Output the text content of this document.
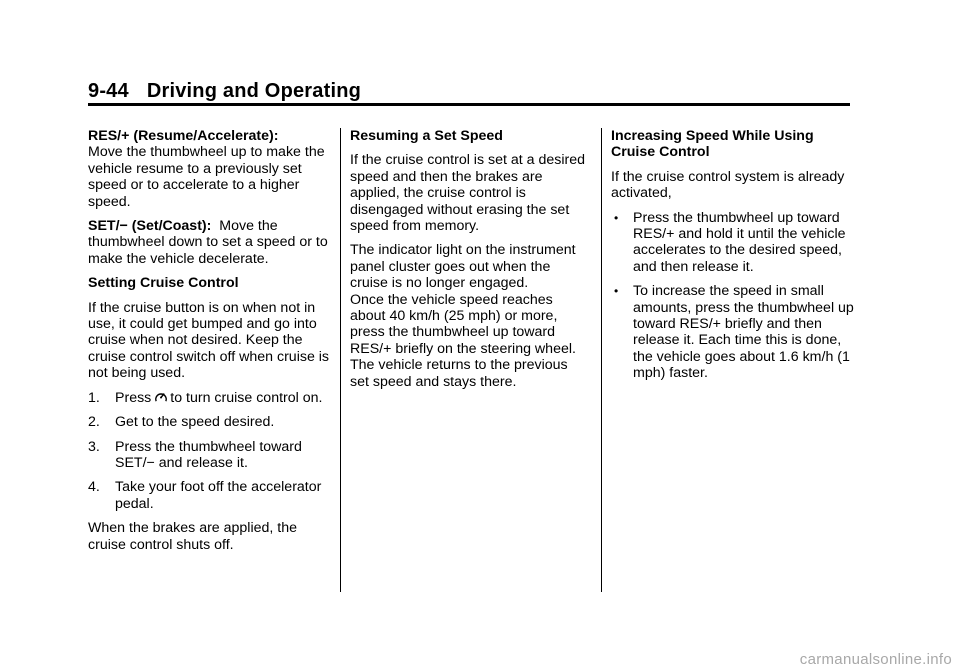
9-44 Driving and Operating

RES/+ (Resume/Accelerate):
Move the thumbwheel up to make the vehicle resume to a previously set speed or to accelerate to a higher speed.

SET/− (Set/Coast): Move the thumbwheel down to set a speed or to make the vehicle decelerate.

Setting Cruise Control

If the cruise button is on when not in use, it could get bumped and go into cruise when not desired. Keep the cruise control switch off when cruise is not being used.

1. Press to turn cruise control on.
2. Get to the speed desired.
3. Press the thumbwheel toward SET/− and release it.
4. Take your foot off the accelerator pedal.

When the brakes are applied, the cruise control shuts off.

Resuming a Set Speed

If the cruise control is set at a desired speed and then the brakes are applied, the cruise control is disengaged without erasing the set speed from memory.

The indicator light on the instrument panel cluster goes out when the cruise is no longer engaged.

Once the vehicle speed reaches about 40 km/h (25 mph) or more, press the thumbwheel up toward RES/+ briefly on the steering wheel. The vehicle returns to the previous set speed and stays there.

Increasing Speed While Using Cruise Control

If the cruise control system is already activated,

• Press the thumbwheel up toward RES/+ and hold it until the vehicle accelerates to the desired speed, and then release it.
• To increase the speed in small amounts, press the thumbwheel up toward RES/+ briefly and then release it. Each time this is done, the vehicle goes about 1.6 km/h (1 mph) faster.
carmanualsonline.info
